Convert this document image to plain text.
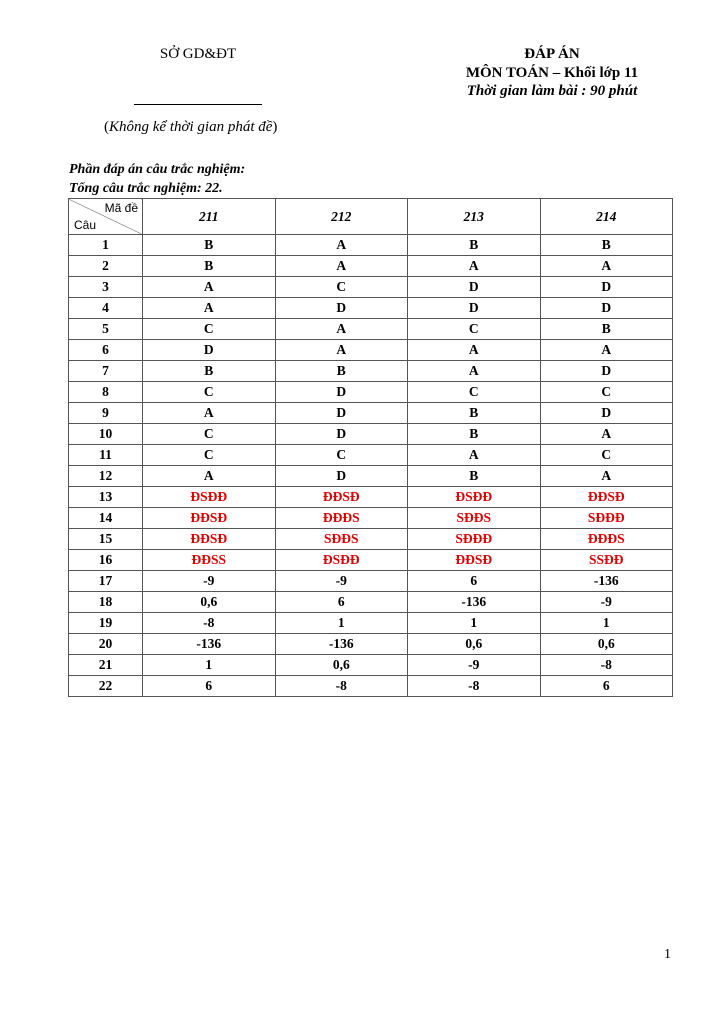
SỞ GD&ĐT
(Không kể thời gian phát đề)
ĐÁP ÁN
MÔN TOÁN – Khối lớp 11
Thời gian làm bài : 90 phút
Phần đáp án câu trắc nghiệm:
Tổng câu trắc nghiệm: 22.
Mã đề
Câu	211	212	213	214
1	B	A	B	B
2	B	A	A	A
3	A	C	D	D
4	A	D	D	D
5	C	A	C	B
6	D	A	A	A
7	B	B	A	D
8	C	D	C	C
9	A	D	B	D
10	C	D	B	A
11	C	C	A	C
12	A	D	B	A
13	ĐSĐĐ	ĐĐSĐ	ĐSĐĐ	ĐĐSĐ
14	ĐĐSĐ	ĐĐĐS	SĐĐS	SĐĐĐ
15	ĐĐSĐ	SĐĐS	SĐĐĐ	ĐĐĐS
16	ĐĐSS	ĐSĐĐ	ĐĐSĐ	SSĐĐ
17	-9	-9	6	-136
18	0,6	6	-136	-9
19	-8	1	1	1
20	-136	-136	0,6	0,6
21	1	0,6	-9	-8
22	6	-8	-8	6
1
